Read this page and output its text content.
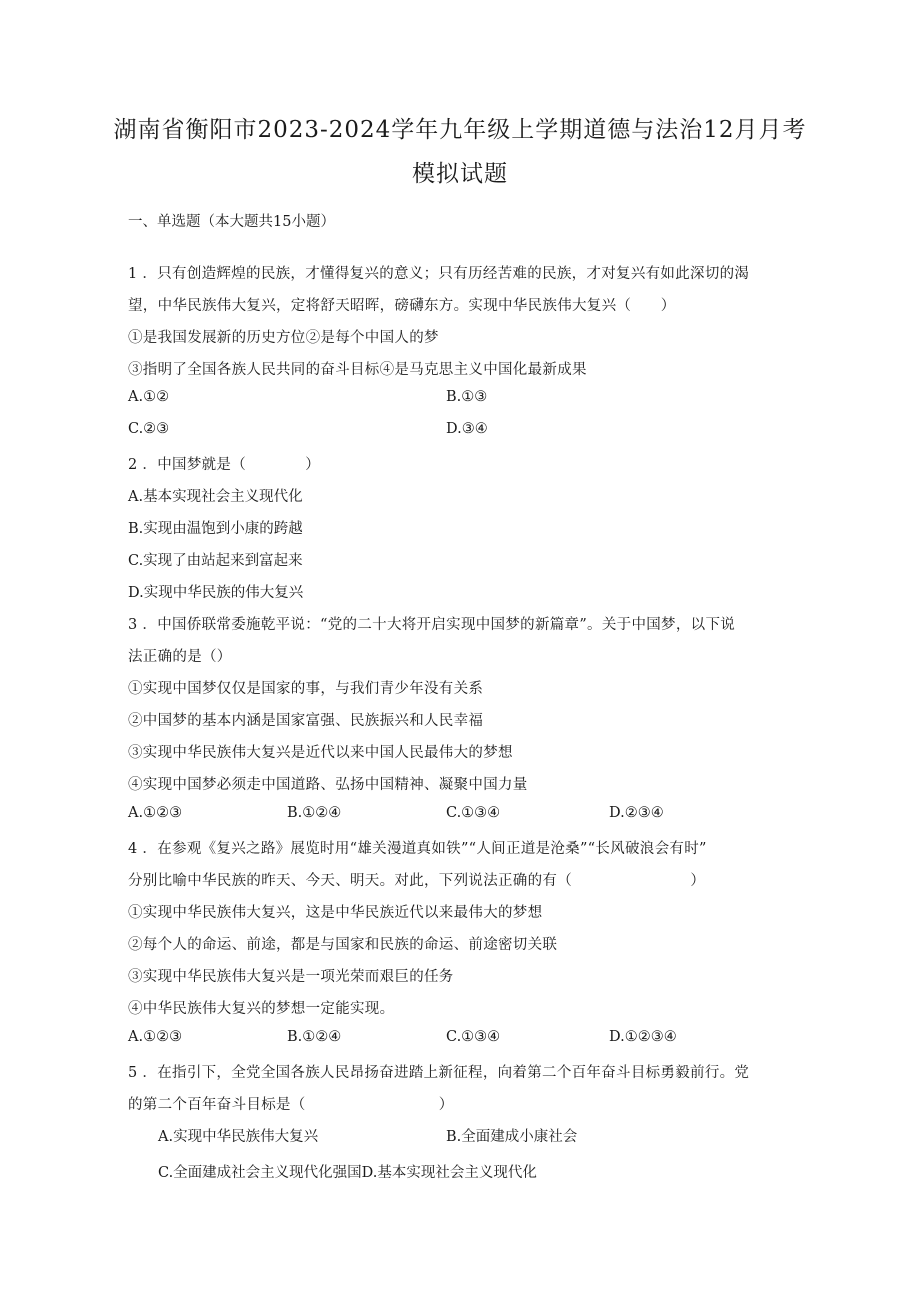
湖南省衡阳市2023-2024学年九年级上学期道德与法治12月月考
模拟试题
一、单选题（本大题共15小题）
1 ．只有创造辉煌的民族，才懂得复兴的意义；只有历经苦难的民族，才对复兴有如此深切的渴
望，中华民族伟大复兴，定将舒天昭晖，磅礴东方。实现中华民族伟大复兴（　　）
①是我国发展新的历史方位②是每个中国人的梦
③指明了全国各族人民共同的奋斗目标④是马克思主义中国化最新成果
A.①②	B.①③
C.②③	D.③④
2 ．中国梦就是（　　　　）
A.基本实现社会主义现代化
B.实现由温饱到小康的跨越
C.实现了由站起来到富起来
D.实现中华民族的伟大复兴
3 ．中国侨联常委施乾平说：“党的二十大将开启实现中国梦的新篇章”。关于中国梦，以下说
法正确的是（）
①实现中国梦仅仅是国家的事，与我们青少年没有关系
②中国梦的基本内涵是国家富强、民族振兴和人民幸福
③实现中华民族伟大复兴是近代以来中国人民最伟大的梦想
④实现中国梦必须走中国道路、弘扬中国精神、凝聚中国力量
A.①②③	B.①②④	C.①③④	D.②③④
4 ．在参观《复兴之路》展览时用“雄关漫道真如铁”“人间正道是沧桑”“长风破浪会有时”
分别比喻中华民族的昨天、今天、明天。对此，下列说法正确的有（　　　　　　　　）
①实现中华民族伟大复兴，这是中华民族近代以来最伟大的梦想
②每个人的命运、前途，都是与国家和民族的命运、前途密切关联
③实现中华民族伟大复兴是一项光荣而艰巨的任务
④中华民族伟大复兴的梦想一定能实现。
A.①②③	B.①②④	C.①③④	D.①②③④
5 ．在指引下，全党全国各族人民昂扬奋进踏上新征程，向着第二个百年奋斗目标勇毅前行。党
的第二个百年奋斗目标是（　　　　　　　　　）
A.实现中华民族伟大复兴	B.全面建成小康社会
C.全面建成社会主义现代化强国D.基本实现社会主义现代化
